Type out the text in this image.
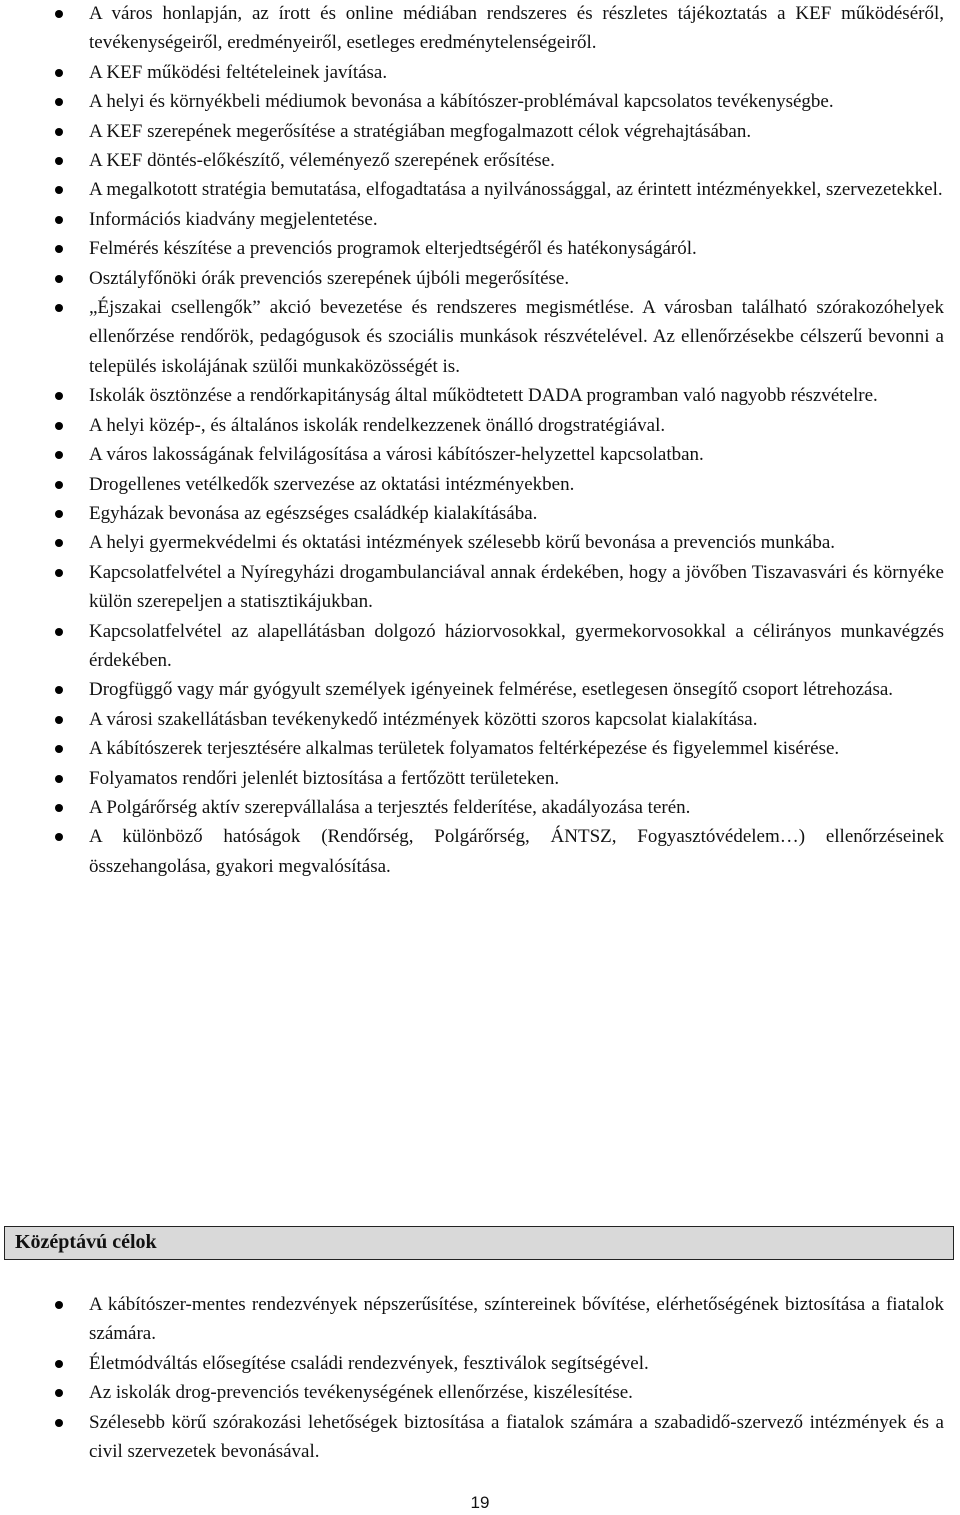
A város honlapján, az írott és online médiában rendszeres és részletes tájékoztatás a KEF működéséről, tevékenységeiről, eredményeiről, esetleges eredménytelenségeiről.
A KEF működési feltételeinek javítása.
A helyi és környékbeli médiumok bevonása a kábítószer-problémával kapcsolatos tevékenységbe.
A KEF szerepének megerősítése a stratégiában megfogalmazott célok végrehajtásában.
A KEF döntés-előkészítő, véleményező szerepének erősítése.
A megalkotott stratégia bemutatása, elfogadtatása a nyilvánossággal, az érintett intézményekkel, szervezetekkel.
Információs kiadvány megjelentetése.
Felmérés készítése a prevenciós programok elterjedtségéről és hatékonyságáról.
Osztályfőnöki órák prevenciós szerepének újbóli megerősítése.
„Éjszakai csellengők” akció bevezetése és rendszeres megismétlése. A városban található szórakozóhelyek ellenőrzése rendőrök, pedagógusok és szociális munkások részvételével. Az ellenőrzésekbe célszerű bevonni a település iskolájának szülői munkaközösségét is.
Iskolák ösztönzése a rendőrkapitányság által működtetett DADA programban való nagyobb részvételre.
A helyi közép-, és általános iskolák rendelkezzenek önálló drogstratégiával.
A város lakosságának felvilágosítása a városi kábítószer-helyzettel kapcsolatban.
Drogellenes vetélkedők szervezése az oktatási intézményekben.
Egyházak bevonása az egészséges családkép kialakításába.
A helyi gyermekvédelmi és oktatási intézmények szélesebb körű bevonása a prevenciós munkába.
Kapcsolatfelvétel a Nyíregyházi drogambulanciával annak érdekében, hogy a jövőben Tiszavasvári és környéke külön szerepeljen a statisztikájukban.
Kapcsolatfelvétel az alapellátásban dolgozó háziorvosokkal, gyermekorvosokkal a célirányos munkavégzés érdekében.
Drogfüggő vagy már gyógyult személyek igényeinek felmérése, esetlegesen önsegítő csoport létrehozása.
A városi szakellátásban tevékenykedő intézmények közötti szoros kapcsolat kialakítása.
A kábítószerek terjesztésére alkalmas területek folyamatos feltérképezése és figyelemmel kisérése.
Folyamatos rendőri jelenlét biztosítása a fertőzött területeken.
A Polgárőrség aktív szerepvállalása a terjesztés felderítése, akadályozása terén.
A különböző hatóságok (Rendőrség, Polgárőrség, ÁNTSZ, Fogyasztóvédelem…) ellenőrzéseinek összehangolása, gyakori megvalósítása.
Középtávú célok
A kábítószer-mentes rendezvények népszerűsítése, színtereinek bővítése, elérhetőségének biztosítása a fiatalok számára.
Életmódváltás elősegítése családi rendezvények, fesztiválok segítségével.
Az iskolák drog-prevenciós tevékenységének ellenőrzése, kiszélesítése.
Szélesebb körű szórakozási lehetőségek biztosítása a fiatalok számára a szabadidő-szervező intézmények és a civil szervezetek bevonásával.
19
